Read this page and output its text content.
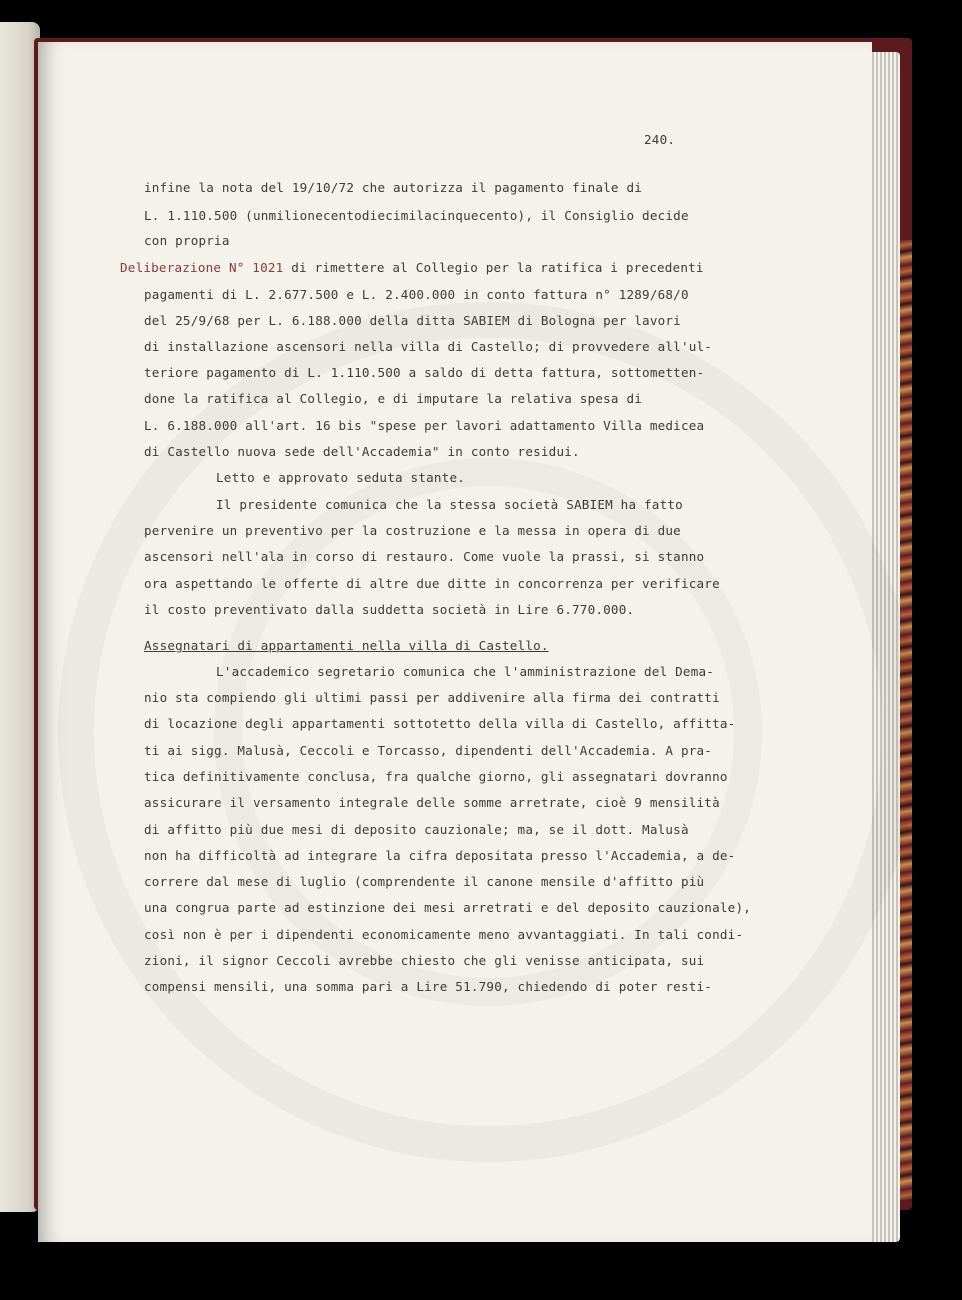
240.
infine la nota del 19/10/72 che autorizza il pagamento finale di
L. 1.110.500 (unmilionecentodiecimilacinquecento), il Consiglio decide
con propria
Deliberazione N° 1021 di rimettere al Collegio per la ratifica i precedenti
pagamenti di L. 2.677.500 e L. 2.400.000 in conto fattura n° 1289/68/0
del 25/9/68 per L. 6.188.000 della ditta SABIEM di Bologna per lavori
di installazione ascensori nella villa di Castello; di provvedere all'ul-
teriore pagamento di L. 1.110.500 a saldo di detta fattura, sottometten-
done la ratifica al Collegio, e di imputare la relativa spesa di
L. 6.188.000 all'art. 16 bis "spese per lavori adattamento Villa medicea
di Castello nuova sede dell'Accademia" in conto residui.
Letto e approvato seduta stante.
Il presidente comunica che la stessa società SABIEM ha fatto
pervenire un preventivo per la costruzione e la messa in opera di due
ascensori nell'ala in corso di restauro. Come vuole la prassi, si stanno
ora aspettando le offerte di altre due ditte in concorrenza per verificare
il costo preventivato dalla suddetta società in Lire 6.770.000.
Assegnatari di appartamenti nella villa di Castello.
L'accademico segretario comunica che l'amministrazione del Dema-
nio sta compiendo gli ultimi passi per addivenire alla firma dei contratti
di locazione degli appartamenti sottotetto della villa di Castello, affitta-
ti ai sigg. Malusà, Ceccoli e Torcasso, dipendenti dell'Accademia. A pra-
tica definitivamente conclusa, fra qualche giorno, gli assegnatari dovranno
assicurare il versamento integrale delle somme arretrate, cioè 9 mensilità
di affitto più due mesi di deposito cauzionale; ma, se il dott. Malusà
non ha difficoltà ad integrare la cifra depositata presso l'Accademia, a de-
correre dal mese di luglio (comprendente il canone mensile d'affitto più
una congrua parte ad estinzione dei mesi arretrati e del deposito cauzionale),
così non è per i dipendenti economicamente meno avvantaggiati. In tali condi-
zioni, il signor Ceccoli avrebbe chiesto che gli venisse anticipata, sui
compensi mensili, una somma pari a Lire 51.790, chiedendo di poter resti-
